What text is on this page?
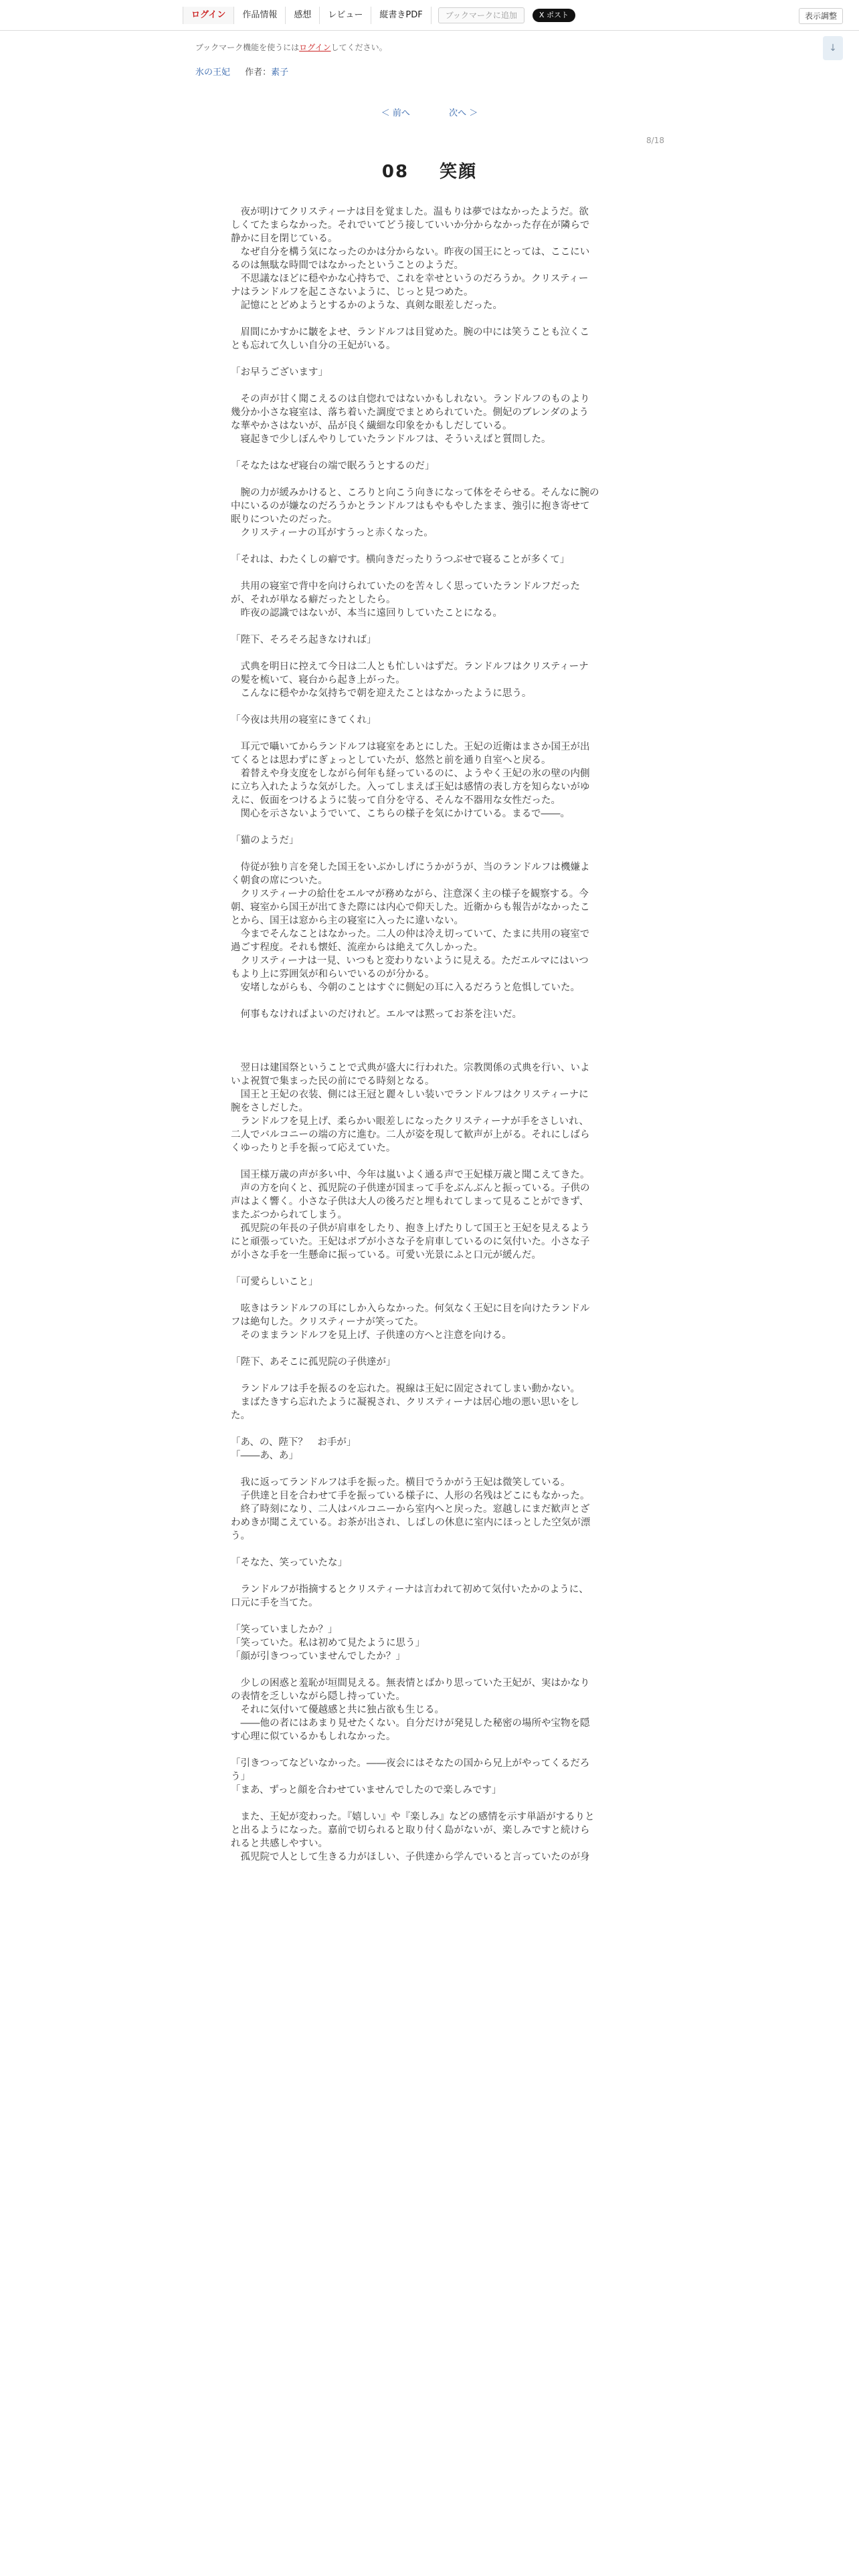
ログイン	作品情報	感想	レビュー	縦書きPDF	ブックマークに追加	X ポスト	表示調整
↓
ブックマーク機能を使うにはログインしてください。
氷の王妃 作者：素子
＜ 前へ	次へ ＞
8/18
08 笑顔

　夜が明けてクリスティーナは目を覚ました。温もりは夢ではなかったようだ。欲

しくてたまらなかった。それでいてどう接していいか分からなかった存在が隣らで

静かに目を閉じている。

　なぜ自分を構う気になったのかは分からない。昨夜の国王にとっては、ここにい

るのは無駄な時間ではなかったということのようだ。

　不思議なほどに穏やかな心持ちで、これを幸せというのだろうか。クリスティー

ナはランドルフを起こさないように、じっと見つめた。

　記憶にとどめようとするかのような、真剣な眼差しだった。

　眉間にかすかに皺をよせ、ランドルフは目覚めた。腕の中には笑うことも泣くこ

とも忘れて久しい自分の王妃がいる。

「お早うございます」

　その声が甘く聞こえるのは自惚れではないかもしれない。ランドルフのものより

幾分か小さな寝室は、落ち着いた調度でまとめられていた。側妃のブレンダのよう

な華やかさはないが、品が良く繊細な印象をかもしだしている。

　寝起きで少しぼんやりしていたランドルフは、そういえばと質問した。

「そなたはなぜ寝台の端で眠ろうとするのだ」

　腕の力が緩みかけると、ころりと向こう向きになって体をそらせる。そんなに腕の

中にいるのが嫌なのだろうかとランドルフはもやもやしたまま、強引に抱き寄せて

眠りについたのだった。

　クリスティーナの耳がすうっと赤くなった。

「それは、わたくしの癖です。横向きだったりうつぶせで寝ることが多くて」

　共用の寝室で背中を向けられていたのを苦々しく思っていたランドルフだった

が、それが単なる癖だったとしたら。

　昨夜の認識ではないが、本当に遠回りしていたことになる。

「陛下、そろそろ起きなければ」

　式典を明日に控えて今日は二人とも忙しいはずだ。ランドルフはクリスティーナ

の髪を梳いて、寝台から起き上がった。

　こんなに穏やかな気持ちで朝を迎えたことはなかったように思う。

「今夜は共用の寝室にきてくれ」

　耳元で囁いてからランドルフは寝室をあとにした。王妃の近衛はまさか国王が出

てくるとは思わずにぎょっとしていたが、悠然と前を通り自室へと戻る。

　着替えや身支度をしながら何年も経っているのに、ようやく王妃の氷の壁の内側

に立ち入れたような気がした。入ってしまえば王妃は感情の表し方を知らないがゆ

えに、仮面をつけるように装って自分を守る、そんな不器用な女性だった。

　関心を示さないようでいて、こちらの様子を気にかけている。まるで――。

「猫のようだ」

　侍従が独り言を発した国王をいぶかしげにうかがうが、当のランドルフは機嫌よ

く朝食の席についた。

　クリスティーナの給仕をエルマが務めながら、注意深く主の様子を観察する。今

朝、寝室から国王が出てきた際には内心で仰天した。近衛からも報告がなかったこ

とから、国王は窓から主の寝室に入ったに違いない。

　今までそんなことはなかった。二人の仲は冷え切っていて、たまに共用の寝室で

過ごす程度。それも懐妊、流産からは絶えて久しかった。

　クリスティーナは一見、いつもと変わりないように見える。ただエルマにはいつ

もより上に雰囲気が和らいでいるのが分かる。

　安堵しながらも、今朝のことはすぐに側妃の耳に入るだろうと危惧していた。

　何事もなければよいのだけれど。エルマは黙ってお茶を注いだ。

　翌日は建国祭ということで式典が盛大に行われた。宗教関係の式典を行い、いよ

いよ祝賀で集まった民の前にでる時刻となる。

　国王と王妃の衣装、側には王冠と麗々しい装いでランドルフはクリスティーナに

腕をさしだした。

　ランドルフを見上げ、柔らかい眼差しになったクリスティーナが手をさしいれ、

二人でバルコニーの端の方に進む。二人が姿を現して歓声が上がる。それにしばら

くゆったりと手を振って応えていた。

　国王様万歳の声が多い中、今年は嵐いよく通る声で王妃様万歳と聞こえてきた。

　声の方を向くと、孤児院の子供達が国まって手をぶんぶんと振っている。子供の

声はよく響く。小さな子供は大人の後ろだと埋もれてしまって見ることができず、

またぶつかられてしまう。

　孤児院の年長の子供が肩車をしたり、抱き上げたりして国王と王妃を見えるよう

にと頑張っていた。王妃はポプが小さな子を肩車しているのに気付いた。小さな子

が小さな手を一生懸命に振っている。可愛い光景にふと口元が緩んだ。

「可愛らしいこと」

　呟きはランドルフの耳にしか入らなかった。何気なく王妃に目を向けたランドル

フは絶句した。クリスティーナが笑ってた。

　そのままランドルフを見上げ、子供達の方へと注意を向ける。

「陛下、あそこに孤児院の子供達が」

　ランドルフは手を振るのを忘れた。視線は王妃に固定されてしまい動かない。

　まばたきすら忘れたように凝視され、クリスティーナは居心地の悪い思いをし

た。

「あ、の、陛下？　お手が」

「――あ、あ」

　我に返ってランドルフは手を振った。横目でうかがう王妃は微笑している。

　子供達と目を合わせて手を振っている様子に、人形の名残はどこにもなかった。

　終了時刻になり、二人はバルコニーから室内へと戻った。窓越しにまだ歓声とざ

わめきが聞こえている。お茶が出され、しばしの休息に室内にほっとした空気が漂

う。

「そなた、笑っていたな」

　ランドルフが指摘するとクリスティーナは言われて初めて気付いたかのように、

口元に手を当てた。

「笑っていましたか？」

「笑っていた。私は初めて見たように思う」

「顔が引きつっていませんでしたか？」

　少しの困惑と羞恥が垣間見える。無表情とばかり思っていた王妃が、実はかなり

の表情を乏しいながら隠し持っていた。

　それに気付いて優越感と共に独占欲も生じる。

　――他の者にはあまり見せたくない。自分だけが発見した秘密の場所や宝物を隠

す心理に似ているかもしれなかった。

「引きつってなどいなかった。――夜会にはそなたの国から兄上がやってくるだろ

う」

「まあ、ずっと顔を合わせていませんでしたので楽しみです」

　また、王妃が変わった。『嬉しい』や『楽しみ』などの感情を示す単語がするりと

と出るようになった。嘉前で切られると取り付く島がないが、楽しみですと続けら

れると共感しやすい。

　孤児院で人として生きる力がほしい、子供達から学んでいると言っていたのが身
